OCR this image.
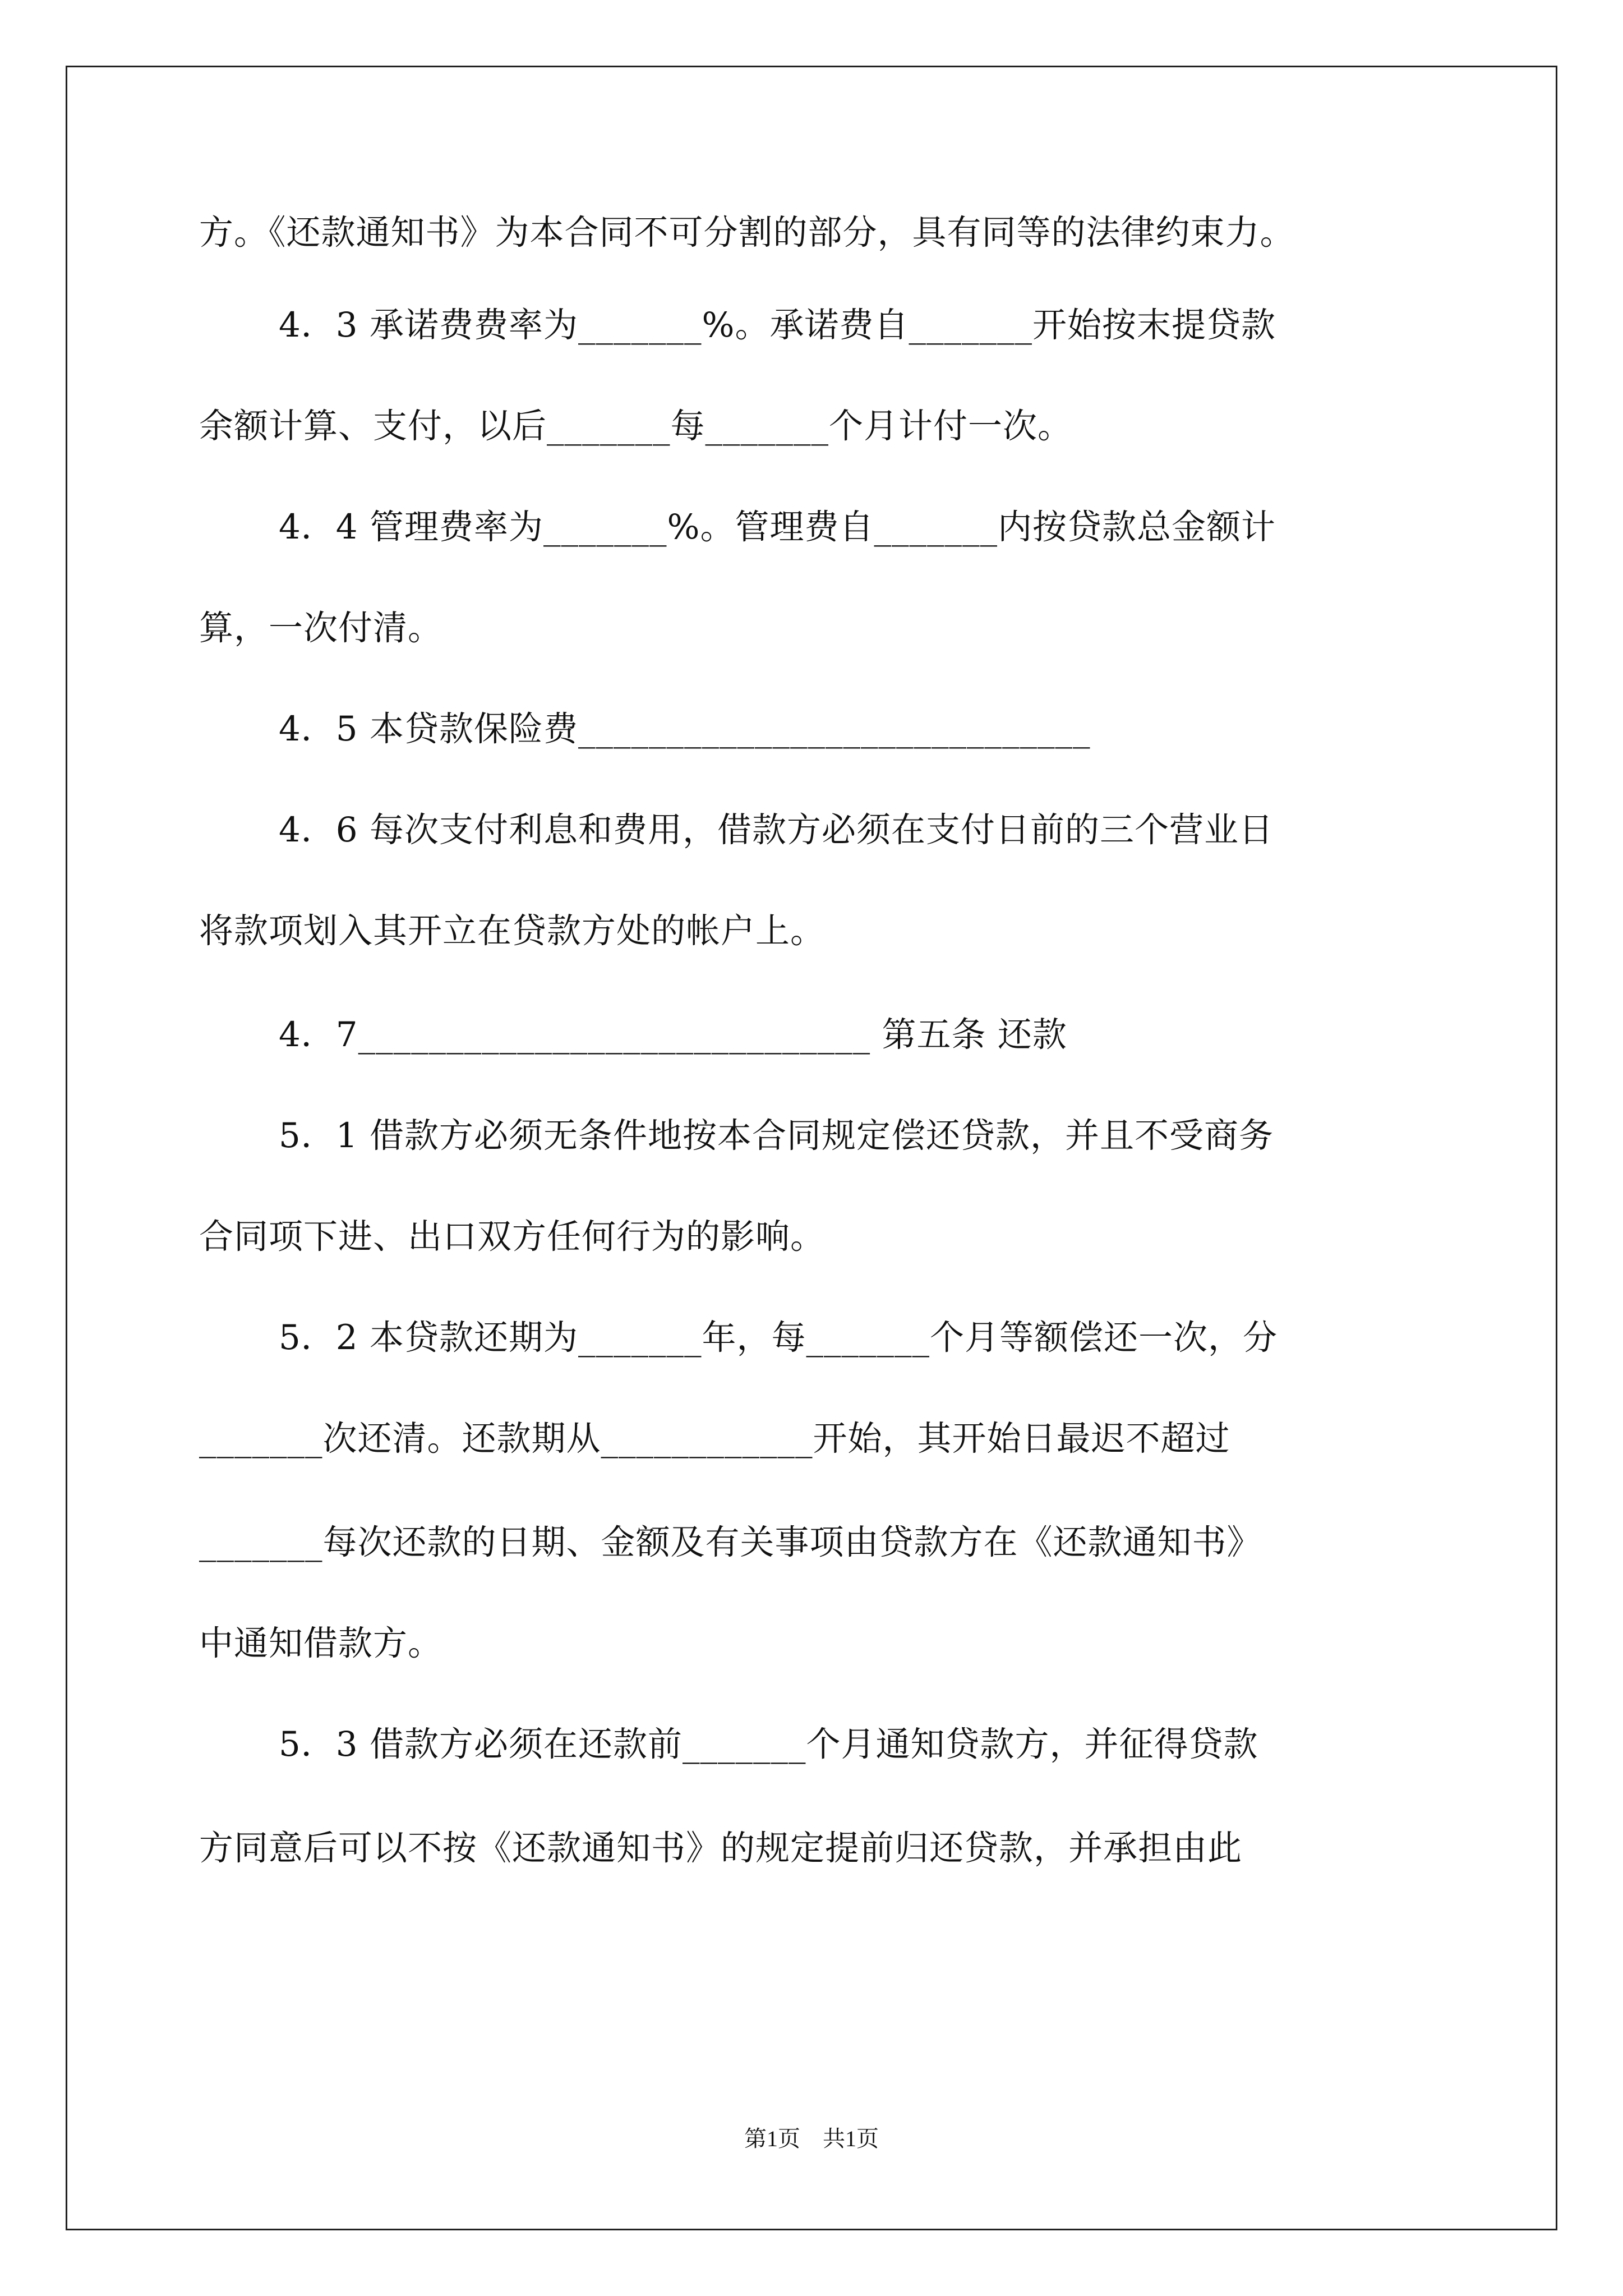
方。《还款通知书》为本合同不可分割的部分，具有同等的法律约束力。
4．3 承诺费费率为_______%。承诺费自_______开始按末提贷款
余额计算、支付，以后_______每_______个月计付一次。
4．4 管理费率为_______%。管理费自_______内按贷款总金额计
算，一次付清。
4．5 本贷款保险费_____________________________
4．6 每次支付利息和费用，借款方必须在支付日前的三个营业日
将款项划入其开立在贷款方处的帐户上。
4．7_____________________________ 第五条 还款
5．1 借款方必须无条件地按本合同规定偿还贷款，并且不受商务
合同项下进、出口双方任何行为的影响。
5．2 本贷款还期为_______年，每_______个月等额偿还一次，分
_______次还清。还款期从____________开始，其开始日最迟不超过
_______每次还款的日期、金额及有关事项由贷款方在《还款通知书》
中通知借款方。
5．3 借款方必须在还款前_______个月通知贷款方，并征得贷款
方同意后可以不按《还款通知书》的规定提前归还贷款，并承担由此
第1页　共1页
